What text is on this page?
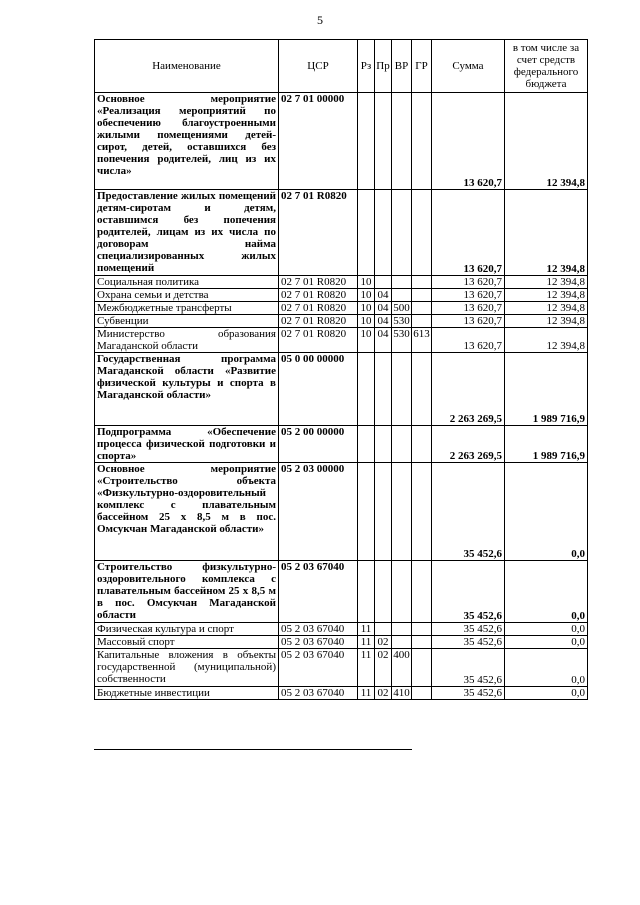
5
Наименование	ЦСР	Рз	Пр	ВР	ГР	Сумма	в том числе за счет средств федерального бюджета
Основное мероприятие «Реализация мероприятий по обеспечению благоустроенными жилыми помещениями детей-сирот, детей, оставшихся без попечения родителей, лиц из их числа»	02 7 01 00000					13 620,7	12 394,8
Предоставление жилых помещений детям-сиротам и детям, оставшимся без попечения родителей, лицам из их числа по договорам найма специализированных жилых помещений	02 7 01 R0820					13 620,7	12 394,8
Социальная политика	02 7 01 R0820	10				13 620,7	12 394,8
Охрана семьи и детства	02 7 01 R0820	10	04			13 620,7	12 394,8
Межбюджетные трансферты	02 7 01 R0820	10	04	500		13 620,7	12 394,8
Субвенции	02 7 01 R0820	10	04	530		13 620,7	12 394,8
Министерство образования Магаданской области	02 7 01 R0820	10	04	530	613	13 620,7	12 394,8
Государственная программа Магаданской области «Развитие физической культуры и спорта в Магаданской области»	05 0 00 00000					2 263 269,5	1 989 716,9
Подпрограмма «Обеспечение процесса физической подготовки и спорта»	05 2 00 00000					2 263 269,5	1 989 716,9
Основное мероприятие «Строительство объекта «Физкультурно-оздоровительный комплекс с плавательным бассейном 25 х 8,5 м в пос. Омсукчан Магаданской области»	05 2 03 00000					35 452,6	0,0
Строительство физкультурно-оздоровительного комплекса с плавательным бассейном 25 х 8,5 м в пос. Омсукчан Магаданской области	05 2 03 67040					35 452,6	0,0
Физическая культура и спорт	05 2 03 67040	11				35 452,6	0,0
Массовый спорт	05 2 03 67040	11	02			35 452,6	0,0
Капитальные вложения в объекты государственной (муниципальной) собственности	05 2 03 67040	11	02	400		35 452,6	0,0
Бюджетные инвестиции	05 2 03 67040	11	02	410		35 452,6	0,0
